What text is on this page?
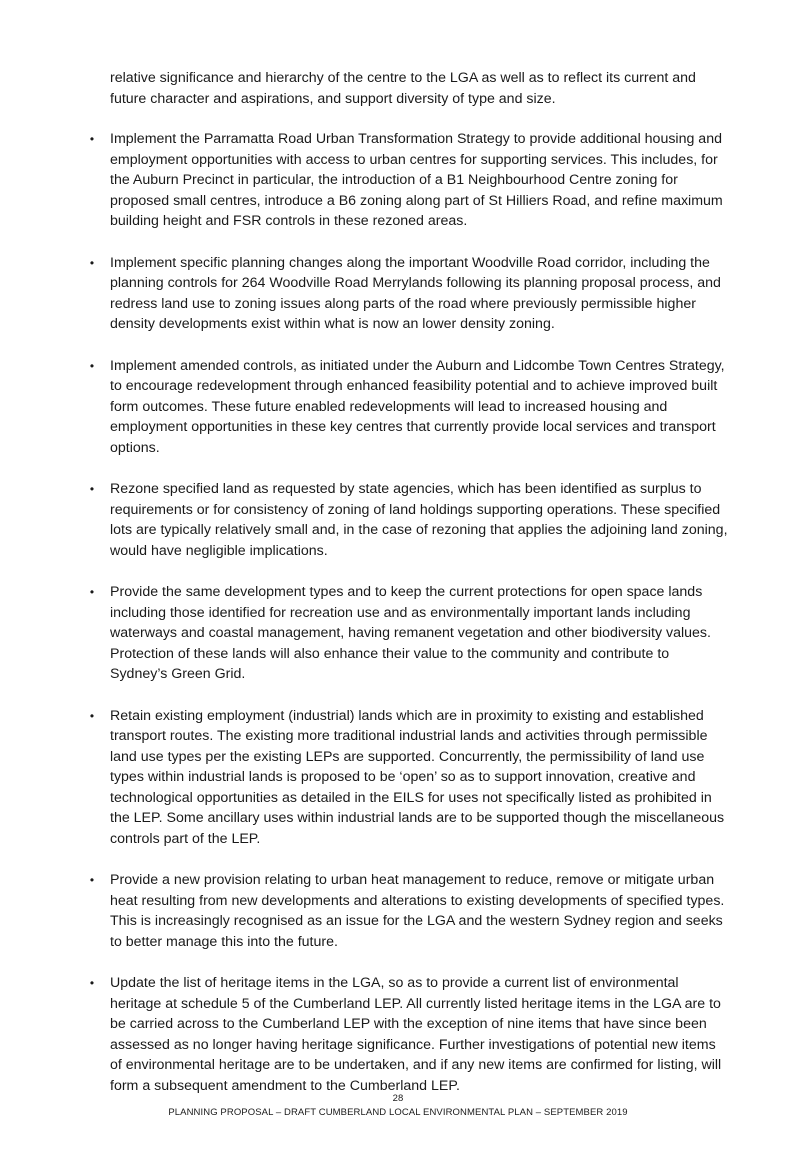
relative significance and hierarchy of the centre to the LGA as well as to reflect its current and future character and aspirations, and support diversity of type and size.

• Implement the Parramatta Road Urban Transformation Strategy to provide additional housing and employment opportunities with access to urban centres for supporting services. This includes, for the Auburn Precinct in particular, the introduction of a B1 Neighbourhood Centre zoning for proposed small centres, introduce a B6 zoning along part of St Hilliers Road, and refine maximum building height and FSR controls in these rezoned areas.

• Implement specific planning changes along the important Woodville Road corridor, including the planning controls for 264 Woodville Road Merrylands following its planning proposal process, and redress land use to zoning issues along parts of the road where previously permissible higher density developments exist within what is now an lower density zoning.

• Implement amended controls, as initiated under the Auburn and Lidcombe Town Centres Strategy, to encourage redevelopment through enhanced feasibility potential and to achieve improved built form outcomes. These future enabled redevelopments will lead to increased housing and employment opportunities in these key centres that currently provide local services and transport options.

• Rezone specified land as requested by state agencies, which has been identified as surplus to requirements or for consistency of zoning of land holdings supporting operations. These specified lots are typically relatively small and, in the case of rezoning that applies the adjoining land zoning, would have negligible implications.

• Provide the same development types and to keep the current protections for open space lands including those identified for recreation use and as environmentally important lands including waterways and coastal management, having remanent vegetation and other biodiversity values. Protection of these lands will also enhance their value to the community and contribute to Sydney’s Green Grid.

• Retain existing employment (industrial) lands which are in proximity to existing and established transport routes. The existing more traditional industrial lands and activities through permissible land use types per the existing LEPs are supported. Concurrently, the permissibility of land use types within industrial lands is proposed to be ‘open’ so as to support innovation, creative and technological opportunities as detailed in the EILS for uses not specifically listed as prohibited in the LEP. Some ancillary uses within industrial lands are to be supported though the miscellaneous controls part of the LEP.

• Provide a new provision relating to urban heat management to reduce, remove or mitigate urban heat resulting from new developments and alterations to existing developments of specified types. This is increasingly recognised as an issue for the LGA and the western Sydney region and seeks to better manage this into the future.

• Update the list of heritage items in the LGA, so as to provide a current list of environmental heritage at schedule 5 of the Cumberland LEP. All currently listed heritage items in the LGA are to be carried across to the Cumberland LEP with the exception of nine items that have since been assessed as no longer having heritage significance. Further investigations of potential new items of environmental heritage are to be undertaken, and if any new items are confirmed for listing, will form a subsequent amendment to the Cumberland LEP.

28
PLANNING PROPOSAL – DRAFT CUMBERLAND LOCAL ENVIRONMENTAL PLAN – SEPTEMBER 2019
